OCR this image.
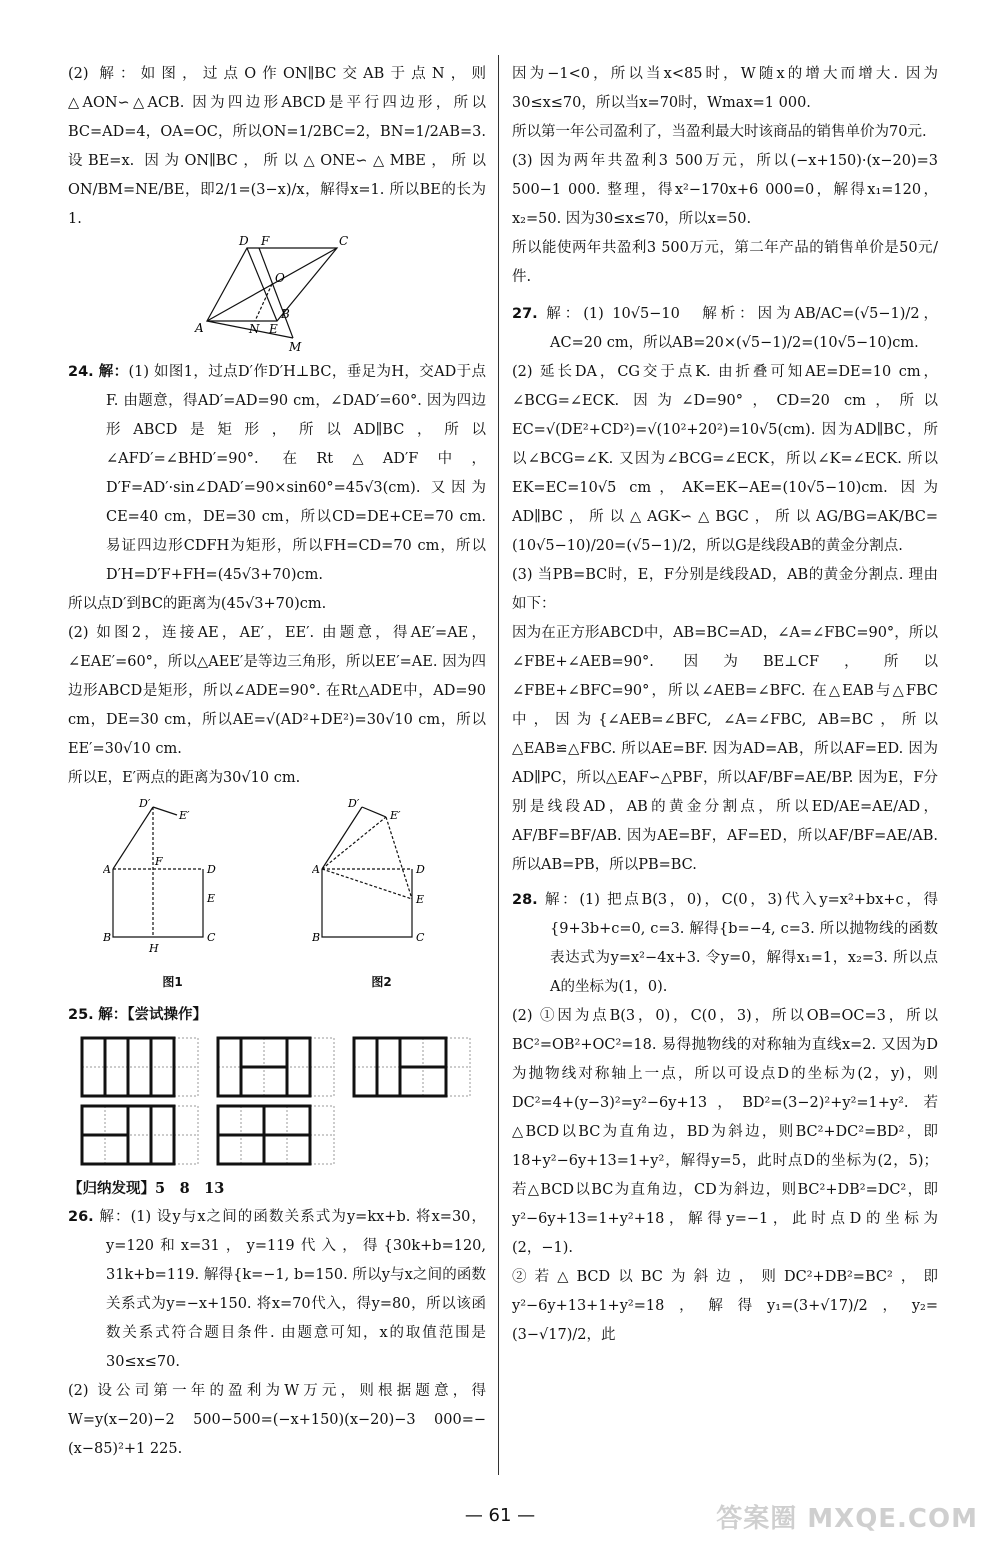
(2) 解：如图，过点O作ON∥BC交AB于点N，则△AON∽△ACB. 因为四边形ABCD是平行四边形，所以BC=AD=4，OA=OC，所以ON=1/2BC=2，BN=1/2AB=3. 设BE=x. 因为ON∥BC，所以△ONE∽△MBE，所以ON/BM=NE/BE，即2/1=(3−x)/x，解得x=1. 所以BE的长为1.

D F	C
O
A	N E
B
M

24. 解：(1) 如图1，过点D′作D′H⊥BC，垂足为H，交AD于点F. 由题意，得AD′=AD=90 cm，∠DAD′=60°. 因为四边形ABCD是矩形，所以AD∥BC，所以∠AFD′=∠BHD′=90°. 在Rt△AD′F中，D′F=AD′·sin∠DAD′=90×sin60°=45√3(cm). 又因为CE=40 cm，DE=30 cm，所以CD=DE+CE=70 cm. 易证四边形CDFH为矩形，所以FH=CD=70 cm，所以D′H=D′F+FH=(45√3+70)cm.

所以点D′到BC的距离为(45√3+70)cm.

(2) 如图2，连接AE，AE′，EE′. 由题意，得AE′=AE，∠EAE′=60°，所以△AEE′是等边三角形，所以EE′=AE. 因为四边形ABCD是矩形，所以∠ADE=90°. 在Rt△ADE中，AD=90 cm，DE=30 cm，所以AE=√(AD²+DE²)=30√10 cm，所以EE′=30√10 cm.

所以E，E′两点的距离为30√10 cm.

D′
E′
A
F
D
E
B
H
C
图1
D′
E′
A	D
E
B	C
图2

25. 解：【尝试操作】

【归纳发现】5　8　13

26. 解：(1) 设y与x之间的函数关系式为y=kx+b. 将x=30，y=120和x=31，y=119代入，得{30k+b=120, 31k+b=119. 解得{k=−1, b=150. 所以y与x之间的函数关系式为y=−x+150. 将x=70代入，得y=80，所以该函数关系式符合题目条件. 由题意可知，x的取值范围是30≤x≤70.

(2) 设公司第一年的盈利为W万元，则根据题意，得W=y(x−20)−2 500−500=(−x+150)(x−20)−3 000=−(x−85)²+1 225.

因为−1<0，所以当x<85时，W随x的增大而增大. 因为30≤x≤70，所以当x=70时，Wmax=1 000.

所以第一年公司盈利了，当盈利最大时该商品的销售单价为70元.

(3) 因为两年共盈利3 500万元，所以(−x+150)·(x−20)=3 500−1 000. 整理，得x²−170x+6 000=0，解得x₁=120，x₂=50. 因为30≤x≤70，所以x=50.

所以能使两年共盈利3 500万元，第二年产品的销售单价是50元/件.

27. 解：(1) 10√5−10　解析：因为AB/AC=(√5−1)/2，AC=20 cm，所以AB=20×(√5−1)/2=(10√5−10)cm.

(2) 延长DA，CG交于点K. 由折叠可知AE=DE=10 cm，∠BCG=∠ECK. 因为∠D=90°，CD=20 cm，所以EC=√(DE²+CD²)=√(10²+20²)=10√5(cm). 因为AD∥BC，所以∠BCG=∠K. 又因为∠BCG=∠ECK，所以∠K=∠ECK. 所以EK=EC=10√5 cm，AK=EK−AE=(10√5−10)cm. 因为AD∥BC，所以△AGK∽△BGC，所以AG/BG=AK/BC=(10√5−10)/20=(√5−1)/2，所以G是线段AB的黄金分割点.

(3) 当PB=BC时，E，F分别是线段AD，AB的黄金分割点. 理由如下：

因为在正方形ABCD中，AB=BC=AD，∠A=∠FBC=90°，所以∠FBE+∠AEB=90°. 因为BE⊥CF，所以∠FBE+∠BFC=90°，所以∠AEB=∠BFC. 在△EAB与△FBC中，因为{∠AEB=∠BFC, ∠A=∠FBC, AB=BC，所以△EAB≌△FBC. 所以AE=BF. 因为AD=AB，所以AF=ED. 因为AD∥PC，所以△EAF∽△PBF，所以AF/BF=AE/BP. 因为E，F分别是线段AD，AB的黄金分割点，所以ED/AE=AE/AD，AF/BF=BF/AB. 因为AE=BF，AF=ED，所以AF/BF=AE/AB. 所以AB=PB，所以PB=BC.

28. 解：(1) 把点B(3，0)，C(0，3)代入y=x²+bx+c，得{9+3b+c=0, c=3. 解得{b=−4, c=3. 所以抛物线的函数表达式为y=x²−4x+3. 令y=0，解得x₁=1，x₂=3. 所以点A的坐标为(1，0).

(2) ①因为点B(3，0)，C(0，3)，所以OB=OC=3，所以BC²=OB²+OC²=18. 易得抛物线的对称轴为直线x=2. 又因为D为抛物线对称轴上一点，所以可设点D的坐标为(2，y)，则DC²=4+(y−3)²=y²−6y+13，BD²=(3−2)²+y²=1+y². 若△BCD以BC为直角边，BD为斜边，则BC²+DC²=BD²，即18+y²−6y+13=1+y²，解得y=5，此时点D的坐标为(2，5)；若△BCD以BC为直角边，CD为斜边，则BC²+DB²=DC²，即y²−6y+13=1+y²+18，解得y=−1，此时点D的坐标为(2，−1).

②若△BCD以BC为斜边，则DC²+DB²=BC²，即y²−6y+13+1+y²=18，解得y₁=(3+√17)/2，y₂=(3−√17)/2，此

— 61 —	答案圈 MXQE.COM
